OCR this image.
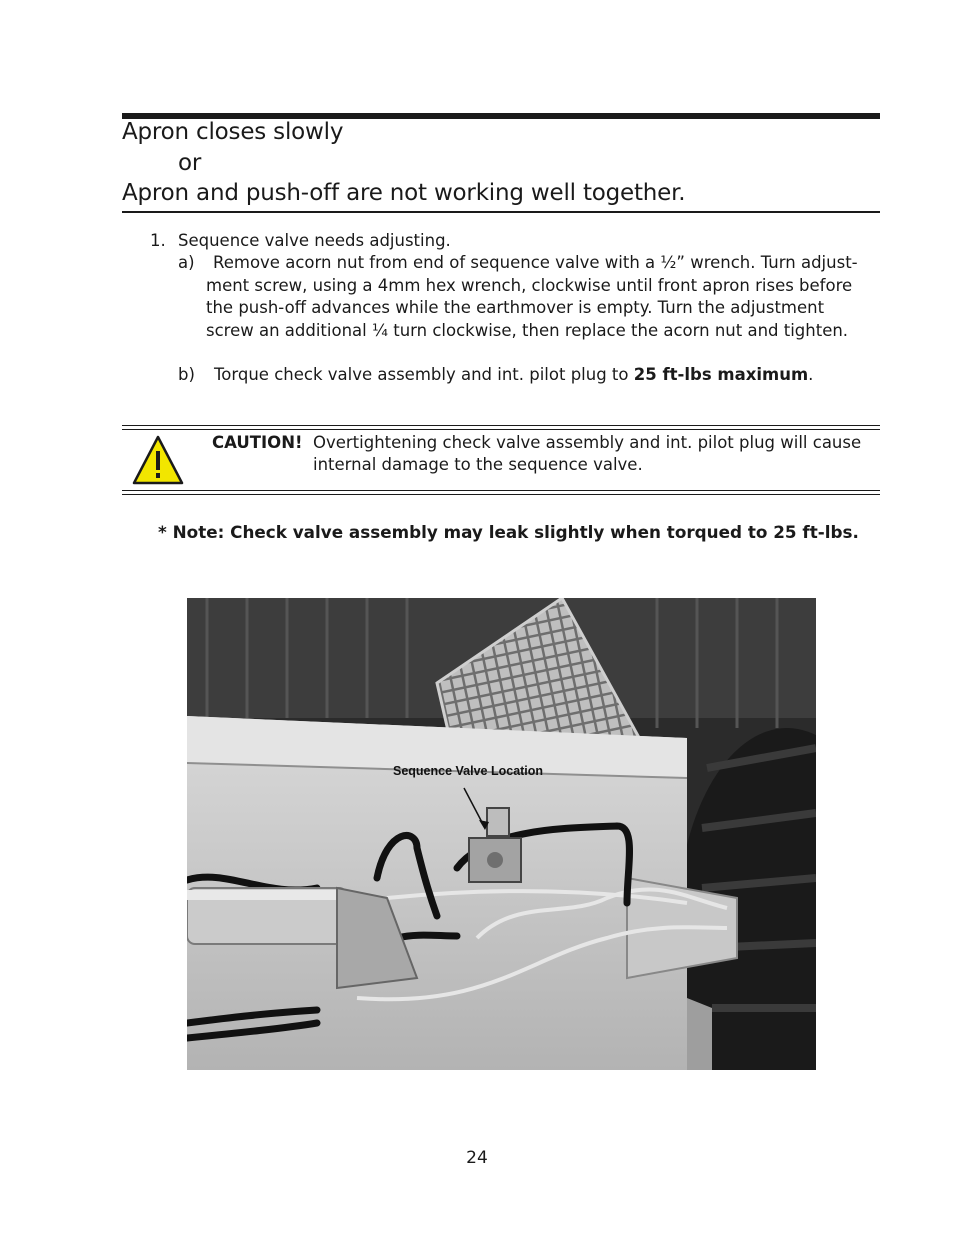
Apron closes slowly
or
Apron and push-off are not working well together.
1. Sequence valve needs adjusting.
a) Remove acorn nut from end of sequence valve with a ½” wrench. Turn adjust-
ment screw, using a 4mm hex wrench, clockwise until front apron rises before
the push-off advances while the earthmover is empty. Turn the adjustment
screw an additional ¼ turn clockwise, then replace the acorn nut and tighten.
b) Torque check valve assembly and int. pilot plug to 25 ft-lbs maximum.
CAUTION! Overtightening check valve assembly and int. pilot plug will cause
internal damage to the sequence valve.
* Note: Check valve assembly may leak slightly when torqued to 25 ft-lbs.
Sequence Valve Location
24
